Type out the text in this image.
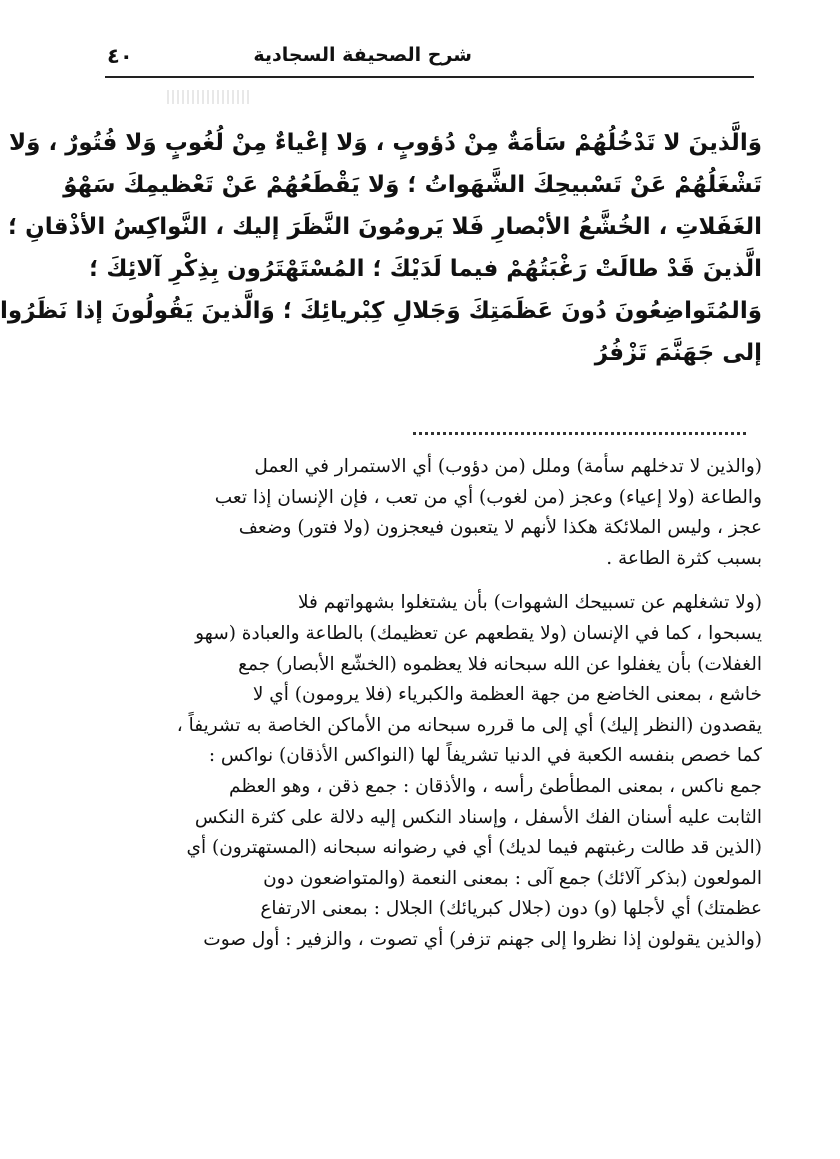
شرح الصحيفة السجادية
٤٠
وَالَّذينَ لا تَدْخُلُهُمْ سَأمَةٌ مِنْ دُؤوبٍ ، وَلا إعْياءٌ مِنْ لُغُوبٍ وَلا فُتُورٌ ، وَلا
تَشْغَلُهُمْ عَنْ تَسْبيحِكَ الشَّهَواتُ ؛ وَلا يَقْطَعُهُمْ عَنْ تَعْظيمِكَ سَهْوُ
الغَفَلاتِ ، الخُشَّعُ الأبْصارِ فَلا يَرومُونَ النَّظَرَ إليك ، النَّواكِسُ الأذْقانِ ؛
الَّذينَ قَدْ طالَتْ رَغْبَتُهُمْ فيما لَدَيْكَ ؛ المُسْتَهْتَرُون بِذِكْرِ آلائِكَ ؛
وَالمُتَواضِعُونَ دُونَ عَظَمَتِكَ وَجَلالِ كِبْريائِكَ ؛ وَالَّذينَ يَقُولُونَ إذا نَظَرُوا
إلى جَهَنَّمَ تَزْفُرُ

(والذين لا تدخلهم سأمة) وملل (من دؤوب) أي الاستمرار في العمل
والطاعة (ولا إعياء) وعجز (من لغوب) أي من تعب ، فإن الإنسان إذا تعب
عجز ، وليس الملائكة هكذا لأنهم لا يتعبون فيعجزون (ولا فتور) وضعف
بسبب كثرة الطاعة .

(ولا تشغلهم عن تسبيحك الشهوات) بأن يشتغلوا بشهواتهم فلا
يسبحوا ، كما في الإنسان (ولا يقطعهم عن تعظيمك) بالطاعة والعبادة (سهو
الغفلات) بأن يغفلوا عن الله سبحانه فلا يعظموه (الخشّع الأبصار) جمع
خاشع ، بمعنى الخاضع من جهة العظمة والكبرياء (فلا يرومون) أي لا
يقصدون (النظر إليك) أي إلى ما قرره سبحانه من الأماكن الخاصة به تشريفاً ،
كما خصص بنفسه الكعبة في الدنيا تشريفاً لها (النواكس الأذقان) نواكس :
جمع ناكس ، بمعنى المطأطئ رأسه ، والأذقان : جمع ذقن ، وهو العظم
الثابت عليه أسنان الفك الأسفل ، وإسناد النكس إليه دلالة على كثرة النكس
(الذين قد طالت رغبتهم فيما لديك) أي في رضوانه سبحانه (المستهترون) أي
المولعون (بذكر آلائك) جمع آلى : بمعنى النعمة (والمتواضعون دون
عظمتك) أي لأجلها (و) دون (جلال كبريائك) الجلال : بمعنى الارتفاع
(والذين يقولون إذا نظروا إلى جهنم تزفر) أي تصوت ، والزفير : أول صوت
